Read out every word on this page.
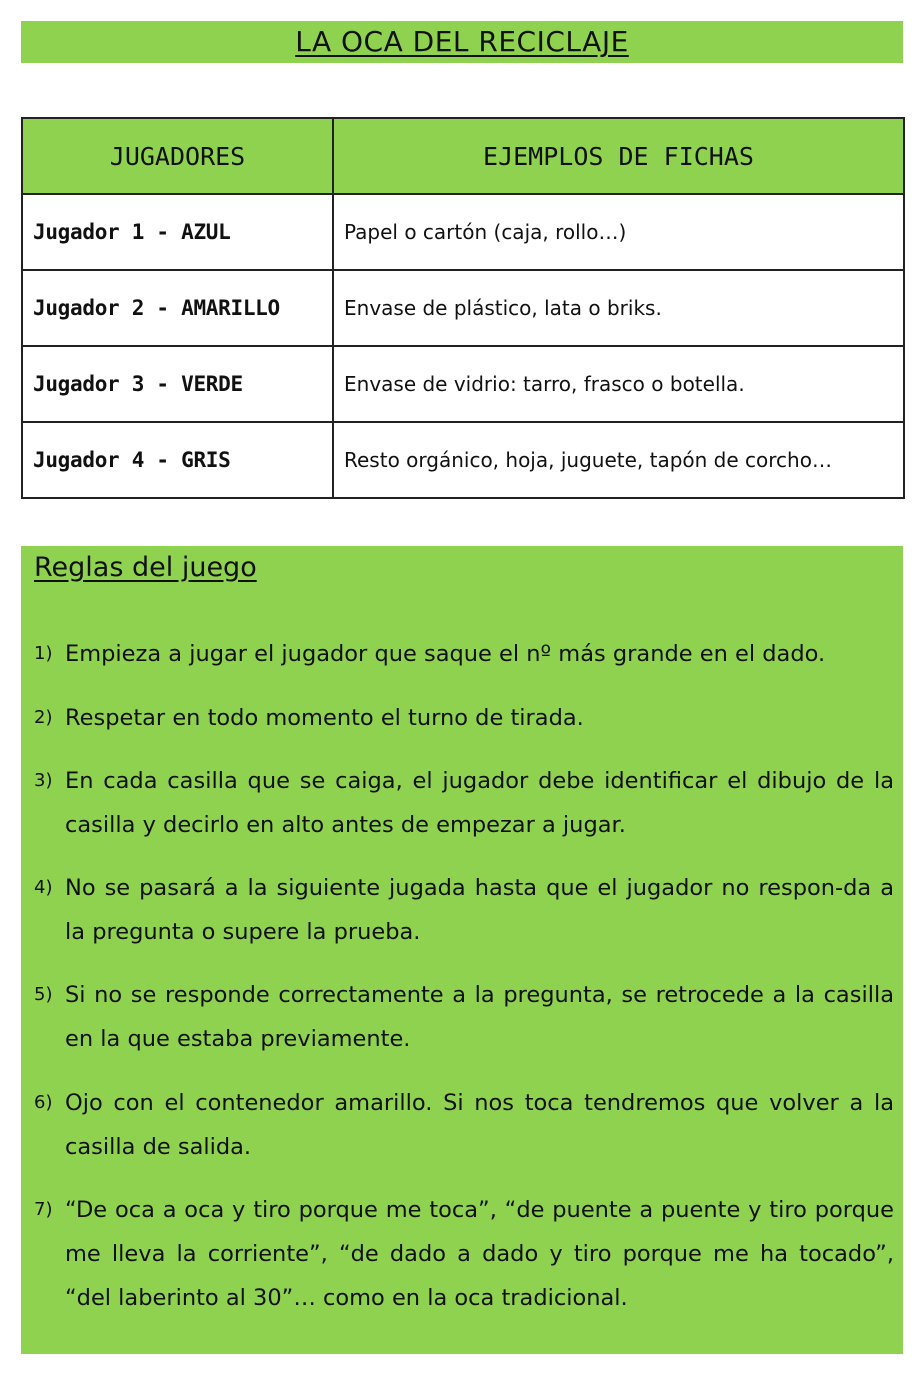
LA OCA DEL RECICLAJE
JUGADORES	EJEMPLOS DE FICHAS
Jugador 1 - AZUL	Papel o cartón (caja, rollo…)
Jugador 2 - AMARILLO	Envase de plástico, lata o briks.
Jugador 3 - VERDE	Envase de vidrio: tarro, frasco o botella.
Jugador 4 - GRIS	Resto orgánico, hoja, juguete, tapón de corcho…
Reglas del juego
1) Empieza a jugar el jugador que saque el nº más grande en el dado.
2) Respetar en todo momento el turno de tirada.
3) En cada casilla que se caiga, el jugador debe identificar el dibujo de la casilla y decirlo en alto antes de empezar a jugar.
4) No se pasará a la siguiente jugada hasta que el jugador no respon-da a la pregunta o supere la prueba.
5) Si no se responde correctamente a la pregunta, se retrocede a la casilla en la que estaba previamente.
6) Ojo con el contenedor amarillo. Si nos toca tendremos que volver a la casilla de salida.
7) “De oca a oca y tiro porque me toca”, “de puente a puente y tiro porque me lleva la corriente”, “de dado a dado y tiro porque me ha tocado”, “del laberinto al 30”… como en la oca tradicional.
